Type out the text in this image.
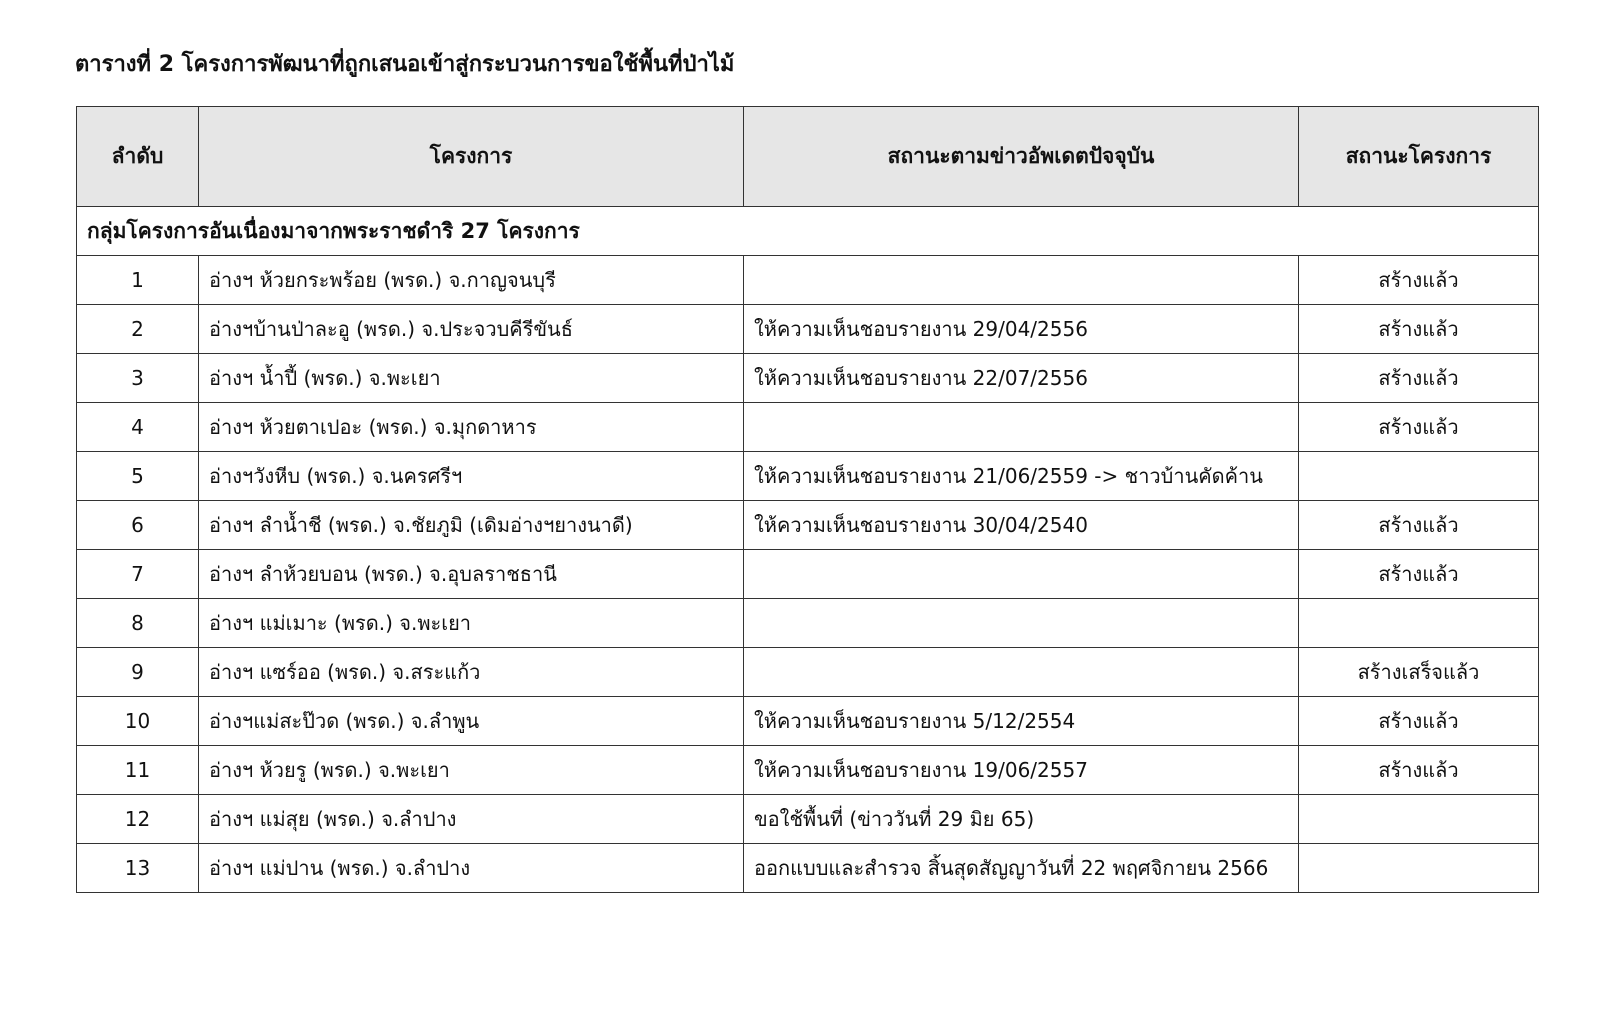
ตารางที่ 2 โครงการพัฒนาที่ถูกเสนอเข้าสู่กระบวนการขอใช้พื้นที่ป่าไม้
ลำดับ	โครงการ	สถานะตามข่าวอัพเดตปัจจุบัน	สถานะโครงการ
กลุ่มโครงการอันเนื่องมาจากพระราชดำริ 27 โครงการ			
1	อ่างฯ ห้วยกระพร้อย (พรด.) จ.กาญจนบุรี		สร้างแล้ว
2	อ่างฯบ้านป่าละอู (พรด.) จ.ประจวบคีรีขันธ์	ให้ความเห็นชอบรายงาน 29/04/2556	สร้างแล้ว
3	อ่างฯ น้ำปี้ (พรด.) จ.พะเยา	ให้ความเห็นชอบรายงาน 22/07/2556	สร้างแล้ว
4	อ่างฯ ห้วยตาเปอะ (พรด.) จ.มุกดาหาร		สร้างแล้ว
5	อ่างฯวังหีบ (พรด.) จ.นครศรีฯ	ให้ความเห็นชอบรายงาน 21/06/2559 -> ชาวบ้านคัดค้าน	

6	อ่างฯ ลำน้ำชี (พรด.) จ.ชัยภูมิ (เดิมอ่างฯยางนาดี)	ให้ความเห็นชอบรายงาน 30/04/2540	สร้างแล้ว
7	อ่างฯ ลำห้วยบอน (พรด.) จ.อุบลราชธานี		สร้างแล้ว
8	อ่างฯ แม่เมาะ (พรด.) จ.พะเยา	

9	อ่างฯ แซร์ออ (พรด.) จ.สระแก้ว		สร้างเสร็จแล้ว
10	อ่างฯแม่สะป๊วด (พรด.) จ.ลำพูน	ให้ความเห็นชอบรายงาน 5/12/2554	สร้างแล้ว
11	อ่างฯ ห้วยรู (พรด.) จ.พะเยา	ให้ความเห็นชอบรายงาน 19/06/2557	สร้างแล้ว
12	อ่างฯ แม่สุย (พรด.) จ.ลำปาง	ขอใช้พื้นที่ (ข่าววันที่ 29 มิย 65)	

13	อ่างฯ แม่ปาน (พรด.) จ.ลำปาง	ออกแบบและสำรวจ สิ้นสุดสัญญาวันที่ 22 พฤศจิกายน 2566	
